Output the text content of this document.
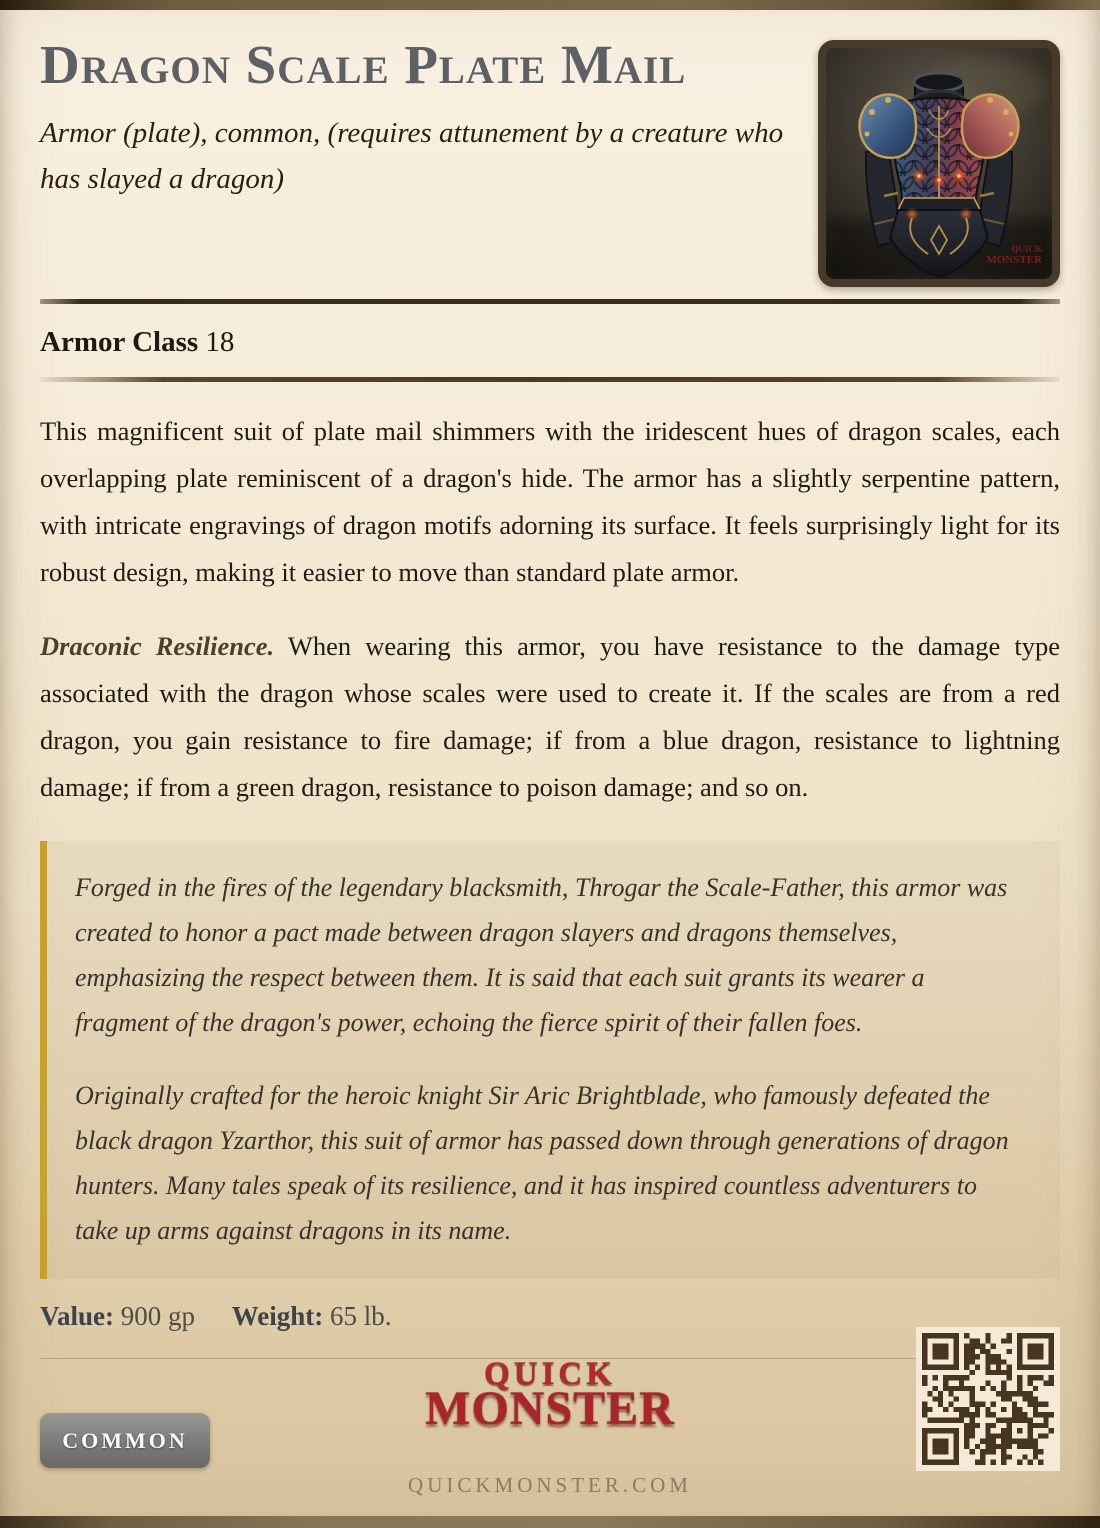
Dragon Scale Plate Mail
Armor (plate), common, (requires attunement by a creature who has slayed a dragon)
QUICK
MONSTER
Armor Class 18

This magnificent suit of plate mail shimmers with the iridescent hues of dragon scales, each overlapping plate reminiscent of a dragon's hide. The armor has a slightly serpentine pattern, with intricate engravings of dragon motifs adorning its surface. It feels surprisingly light for its robust design, making it easier to move than standard plate armor.

Draconic Resilience. When wearing this armor, you have resistance to the damage type associated with the dragon whose scales were used to create it. If the scales are from a red dragon, you gain resistance to fire damage; if from a blue dragon, resistance to lightning damage; if from a green dragon, resistance to poison damage; and so on.

Forged in the fires of the legendary blacksmith, Throgar the Scale-Father, this armor was created to honor a pact made between dragon slayers and dragons themselves, emphasizing the respect between them. It is said that each suit grants its wearer a fragment of the dragon's power, echoing the fierce spirit of their fallen foes.

Originally crafted for the heroic knight Sir Aric Brightblade, who famously defeated the black dragon Yzarthor, this suit of armor has passed down through generations of dragon hunters. Many tales speak of its resilience, and it has inspired countless adventurers to take up arms against dragons in its name.

Value: 900 gp Weight: 65 lb.
COMMON
QUICK
MONSTER
QUICKMONSTER.COM
